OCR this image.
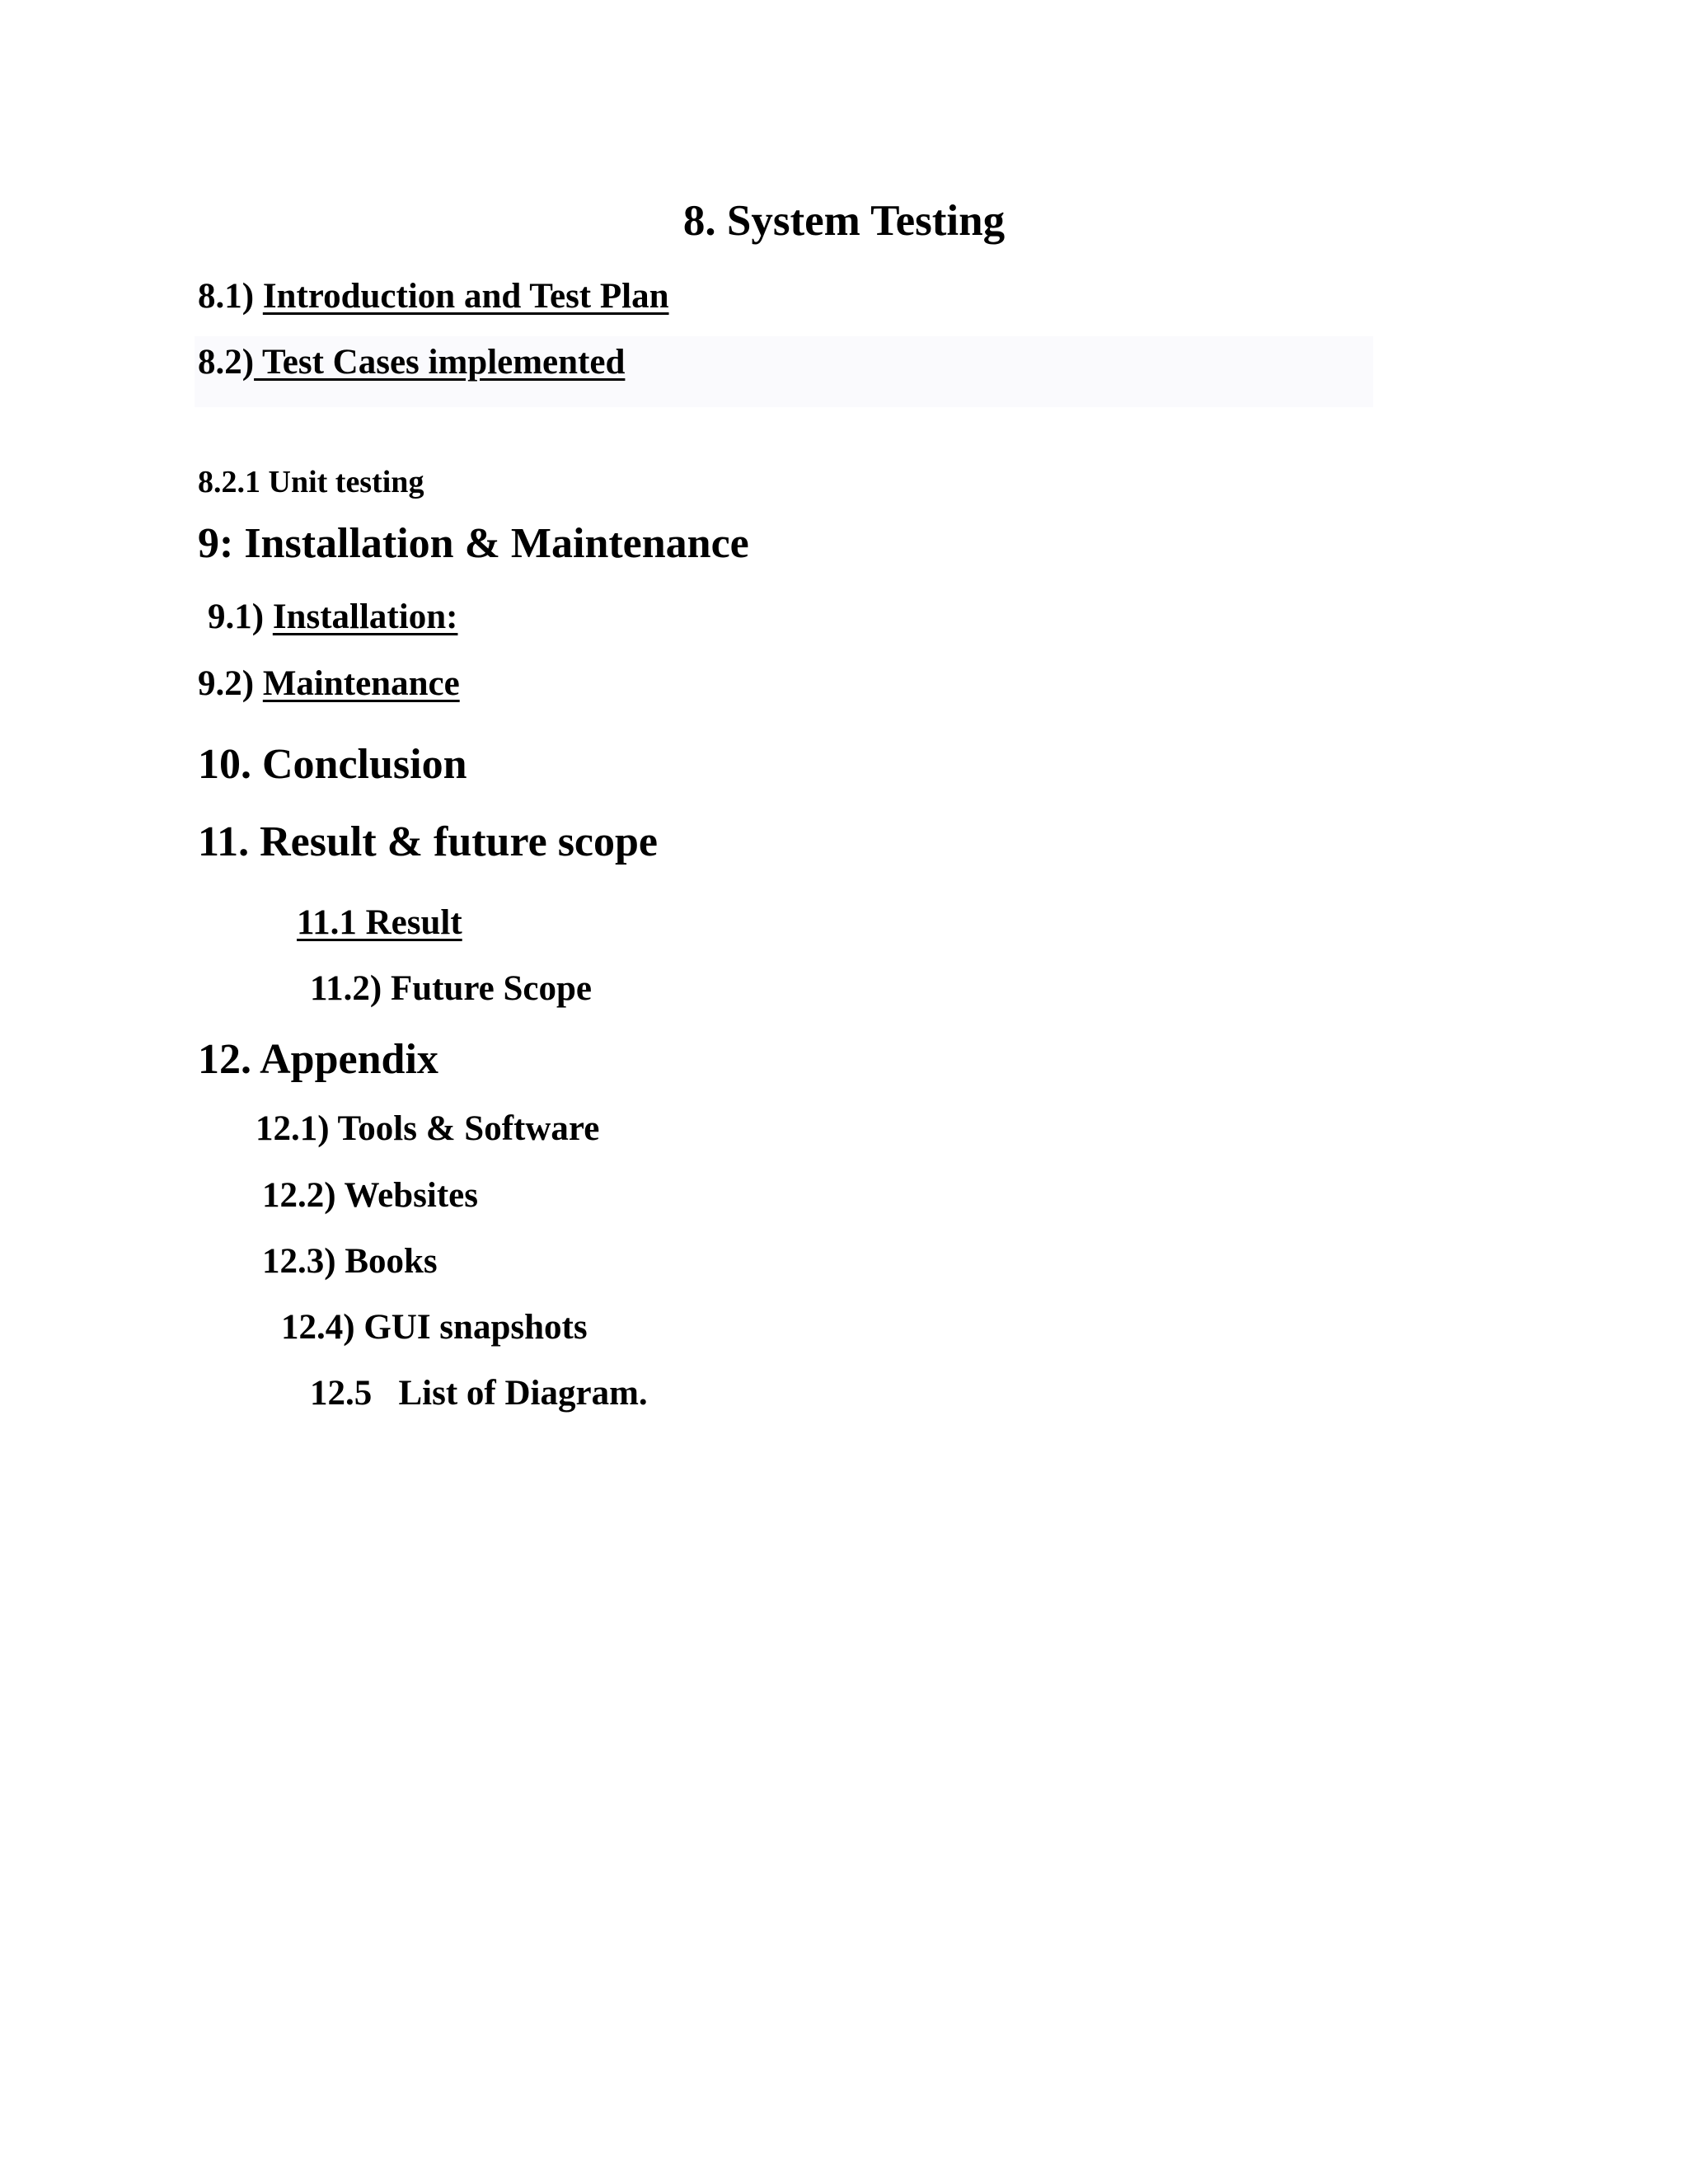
8. System Testing
8.1) Introduction and Test Plan
8.2) Test Cases implemented
8.2.1 Unit testing
9: Installation & Maintenance
9.1) Installation:
9.2) Maintenance
10. Conclusion
11. Result & future scope
11.1 Result
11.2) Future Scope
12. Appendix
12.1) Tools & Software
12.2) Websites
12.3) Books
12.4) GUI snapshots
12.5   List of Diagram.
